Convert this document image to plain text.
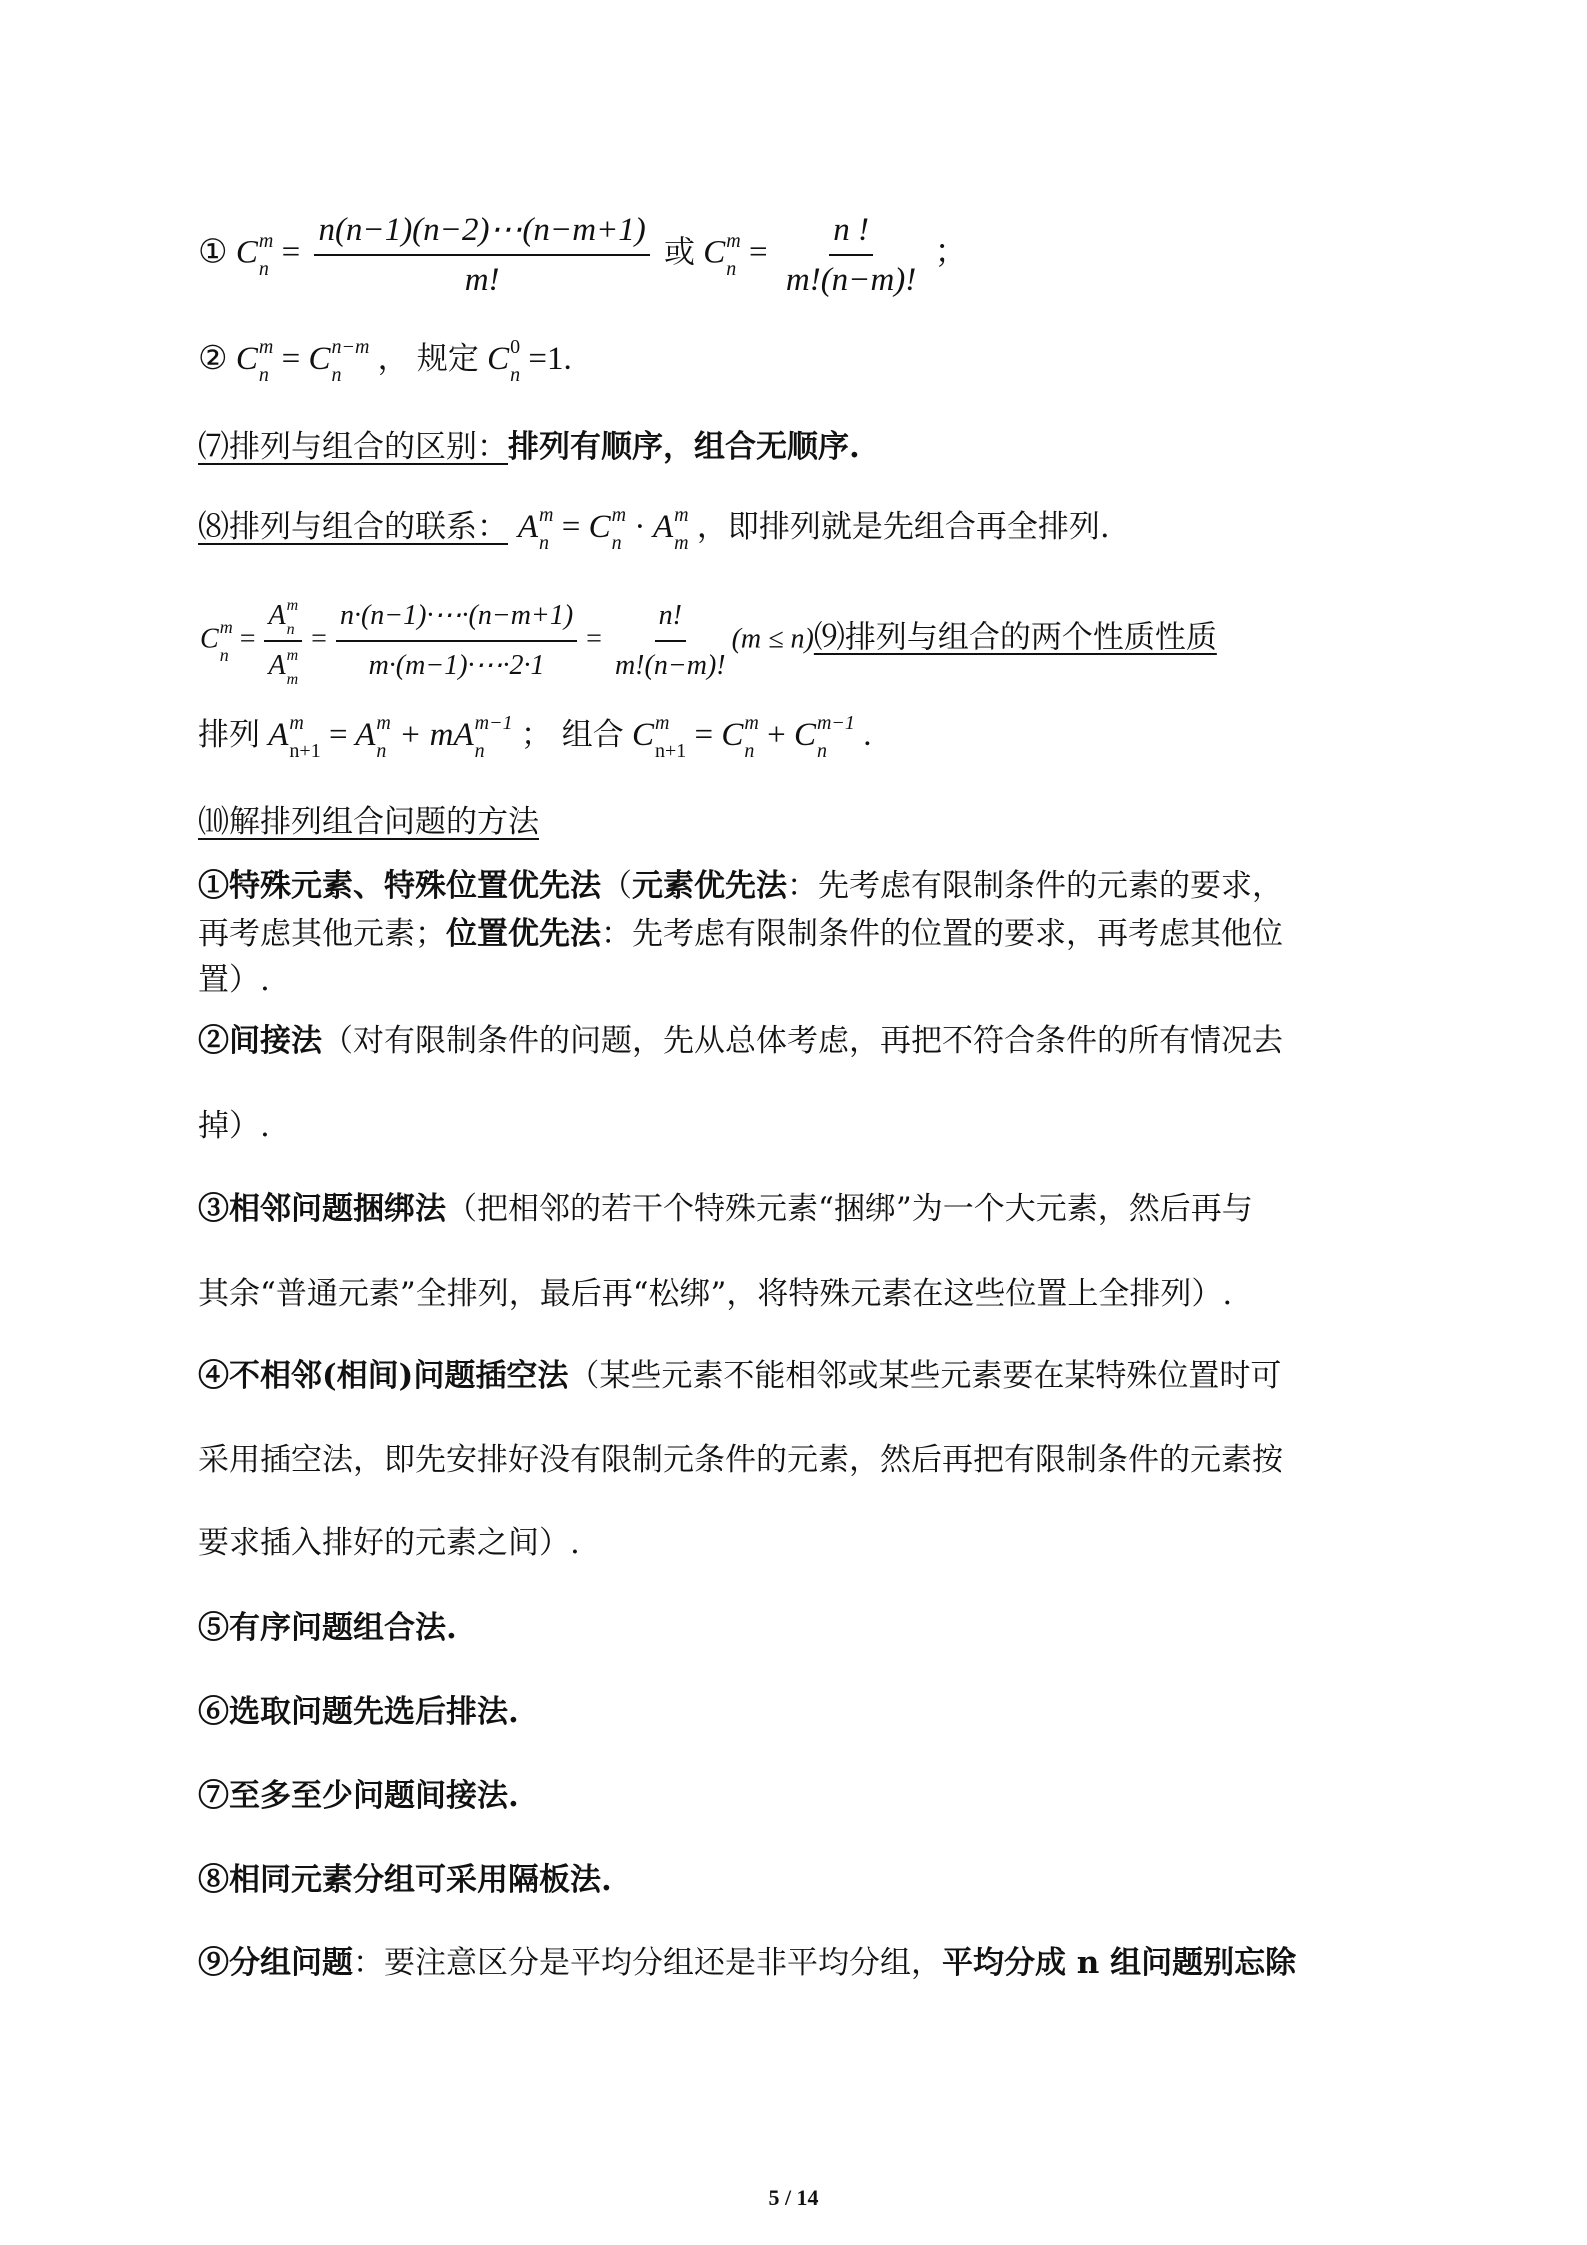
① C m
$n = \frac{n(n-1)(n-2)\cdots(n-m+1)}{m!}$ 或 C m
$n = \frac{n !}{m!(n-m)!}$ ；
② C m
n = C n−m
n	， 规定 C 0
n =1.
⑺排列与组合的区别：排列有顺序，组合无顺序.
⑻排列与组合的联系： A m
n = C m
n · A m
m ，即排列就是先组合再全排列.
C m
n
= A m
n
A m
$m = \frac{n\cdot(n-1)\cdot\cdots\cdot(n-m+1)}{m\cdot(m-1)\cdot\cdots\cdot 2\cdot 1} = \frac{n!}{m!(n-m)!} (m$ ≤ n)⑼排列与组合的两个性质性质
排列 A m
n+1 = A m
n + mA m−1
n	； 组合 C m
n+1 = C m
n + C m−1
n	.
⑽解排列组合问题的方法
①特殊元素、特殊位置优先法（元素优先法：先考虑有限制条件的元素的要求，
再考虑其他元素；位置优先法：先考虑有限制条件的位置的要求，再考虑其他位
置）.
②间接法（对有限制条件的问题，先从总体考虑，再把不符合条件的所有情况去
掉）.
③相邻问题捆绑法（把相邻的若干个特殊元素“捆绑”为一个大元素，然后再与
其余“普通元素”全排列，最后再“松绑”，将特殊元素在这些位置上全排列）.
④不相邻(相间)问题插空法（某些元素不能相邻或某些元素要在某特殊位置时可
采用插空法，即先安排好没有限制元条件的元素，然后再把有限制条件的元素按
要求插入排好的元素之间）.
⑤有序问题组合法.
⑥选取问题先选后排法.
⑦至多至少问题间接法.
⑧相同元素分组可采用隔板法.
⑨分组问题：要注意区分是平均分组还是非平均分组，平均分成 n 组问题别忘除
5 / 14
